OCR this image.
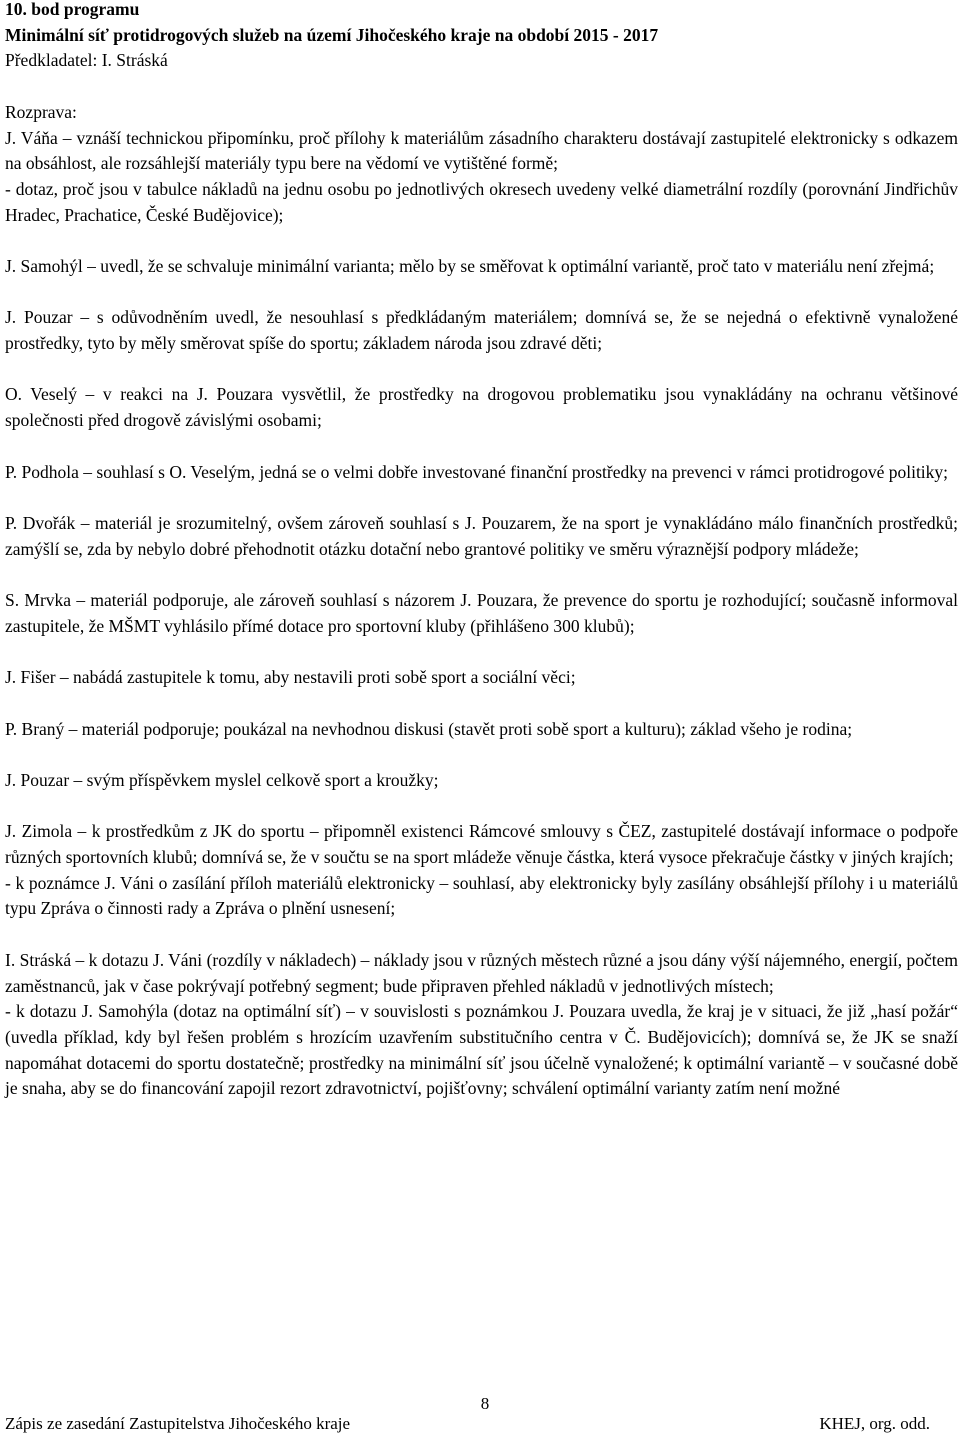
10. bod programu

Minimální síť protidrogových služeb na území Jihočeského kraje na období 2015 - 2017

Předkladatel: I. Stráská

Rozprava:

J. Váňa – vznáší technickou připomínku, proč přílohy k materiálům zásadního charakteru dostávají zastupitelé elektronicky s odkazem na obsáhlost, ale rozsáhlejší materiály typu bere na vědomí ve vytištěné formě;

- dotaz, proč jsou v tabulce nákladů na jednu osobu po jednotlivých okresech uvedeny velké diametrální rozdíly (porovnání Jindřichův Hradec, Prachatice, České Budějovice);

J. Samohýl – uvedl, že se schvaluje minimální varianta; mělo by se směřovat k optimální variantě, proč tato v materiálu není zřejmá;

J. Pouzar – s odůvodněním uvedl, že nesouhlasí s předkládaným materiálem; domnívá se, že se nejedná o efektivně vynaložené prostředky, tyto by měly směrovat spíše do sportu; základem národa jsou zdravé děti;

O. Veselý – v reakci na J. Pouzara vysvětlil, že prostředky na drogovou problematiku jsou vynakládány na ochranu většinové společnosti před drogově závislými osobami;

P. Podhola – souhlasí s O. Veselým, jedná se o velmi dobře investované finanční prostředky na prevenci v rámci protidrogové politiky;

P. Dvořák – materiál je srozumitelný, ovšem zároveň souhlasí s J. Pouzarem, že na sport je vynakládáno málo finančních prostředků; zamýšlí se, zda by nebylo dobré přehodnotit otázku dotační nebo grantové politiky ve směru výraznější podpory mládeže;

S. Mrvka – materiál podporuje, ale zároveň souhlasí s názorem J. Pouzara, že prevence do sportu je rozhodující; současně informoval zastupitele, že MŠMT vyhlásilo přímé dotace pro sportovní kluby (přihlášeno 300 klubů);

J. Fišer – nabádá zastupitele k tomu, aby nestavili proti sobě sport a sociální věci;

P. Braný – materiál podporuje; poukázal na nevhodnou diskusi (stavět proti sobě sport a kulturu); základ všeho je rodina;

J. Pouzar – svým příspěvkem myslel celkově sport a kroužky;

J. Zimola – k prostředkům z JK do sportu – připomněl existenci Rámcové smlouvy s ČEZ, zastupitelé dostávají informace o podpoře různých sportovních klubů; domnívá se, že v součtu se na sport mládeže věnuje částka, která vysoce překračuje částky v jiných krajích;

- k poznámce J. Váni o zasílání příloh materiálů elektronicky – souhlasí, aby elektronicky byly zasílány obsáhlejší přílohy i u materiálů typu Zpráva o činnosti rady a Zpráva o plnění usnesení;

I. Stráská – k dotazu J. Váni (rozdíly v nákladech) – náklady jsou v různých městech různé a jsou dány výší nájemného, energií, počtem zaměstnanců, jak v čase pokrývají potřebný segment; bude připraven přehled nákladů v jednotlivých místech;

- k dotazu J. Samohýla (dotaz na optimální síť) – v souvislosti s poznámkou J. Pouzara uvedla, že kraj je v situaci, že již „hasí požár“ (uvedla příklad, kdy byl řešen problém s hrozícím uzavřením substitučního centra v Č. Budějovicích); domnívá se, že JK se snaží napomáhat dotacemi do sportu dostatečně; prostředky na minimální síť jsou účelně vynaložené; k optimální variantě – v současné době je snaha, aby se do financování zapojil rezort zdravotnictví, pojišťovny; schválení optimální varianty zatím není možné

8
Zápis ze zasedání Zastupitelstva Jihočeského kraje	KHEJ, org. odd.
